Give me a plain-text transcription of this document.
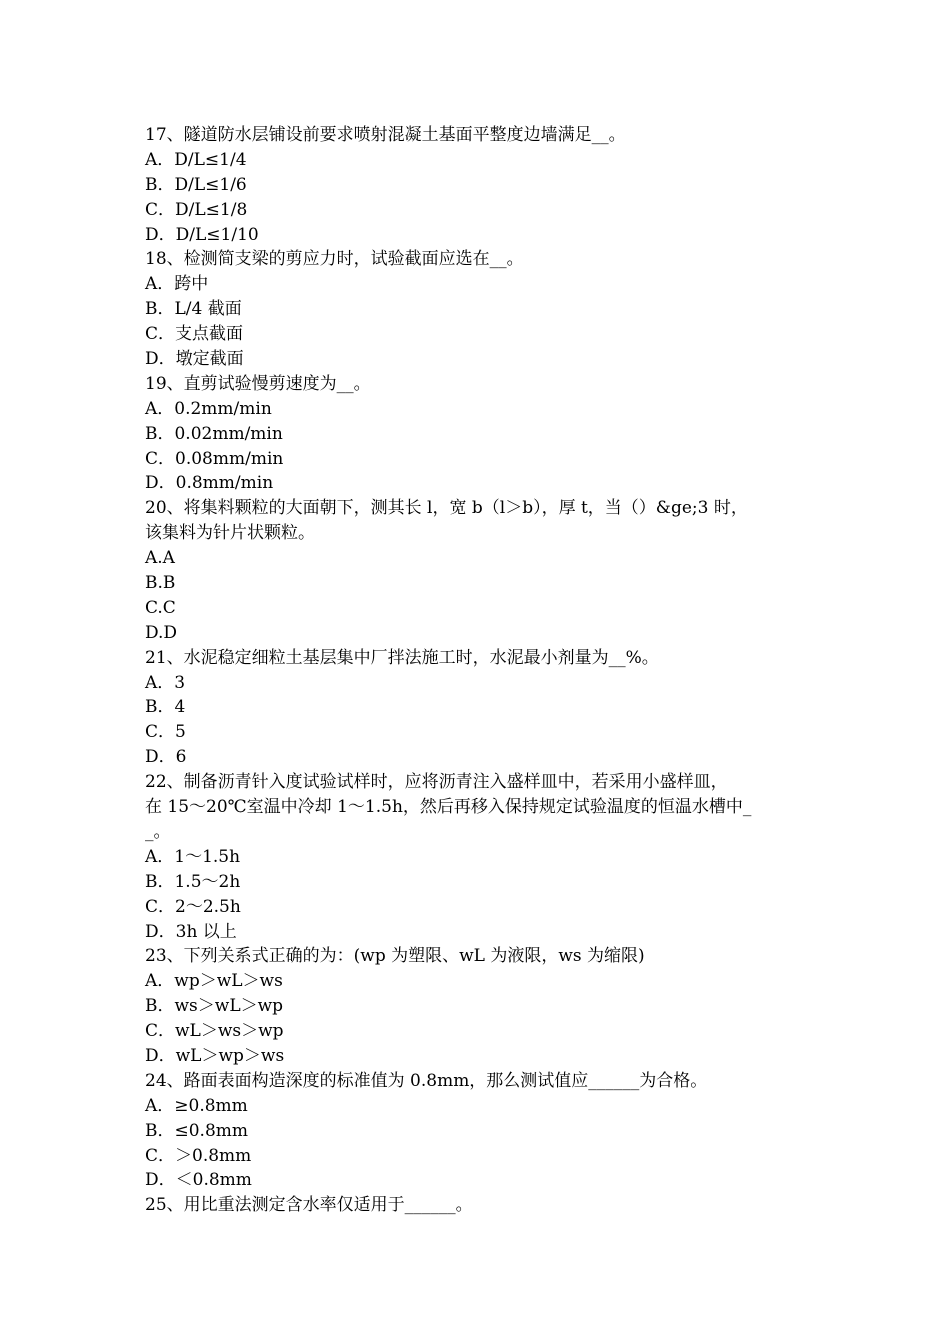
17、隧道防水层铺设前要求喷射混凝土基面平整度边墙满足__。
A．D/L≤1/4
B．D/L≤1/6
C．D/L≤1/8
D．D/L≤1/10
18、检测简支梁的剪应力时，试验截面应选在__。
A．跨中
B．L/4 截面
C．支点截面
D．墩定截面
19、直剪试验慢剪速度为__。
A．0.2mm/min
B．0.02mm/min
C．0.08mm/min
D．0.8mm/min
20、将集料颗粒的大面朝下，测其长 l，宽 b（l＞b），厚 t，当（）&ge;3 时，
该集料为针片状颗粒。
A.A
B.B
C.C
D.D
21、水泥稳定细粒土基层集中厂拌法施工时，水泥最小剂量为__%。
A．3
B．4
C．5
D．6
22、制备沥青针入度试验试样时，应将沥青注入盛样皿中，若采用小盛样皿，
在 15～20℃室温中冷却 1～1.5h，然后再移入保持规定试验温度的恒温水槽中_
_。
A．1～1.5h
B．1.5～2h
C．2～2.5h
D．3h 以上
23、下列关系式正确的为：(wp 为塑限、wL 为液限，ws 为缩限)
A．wp＞wL＞ws
B．ws＞wL＞wp
C．wL＞ws＞wp
D．wL＞wp＞ws
24、路面表面构造深度的标准值为 0.8mm，那么测试值应______为合格。
A．≥0.8mm
B．≤0.8mm
C．＞0.8mm
D．＜0.8mm
25、用比重法测定含水率仅适用于______。
